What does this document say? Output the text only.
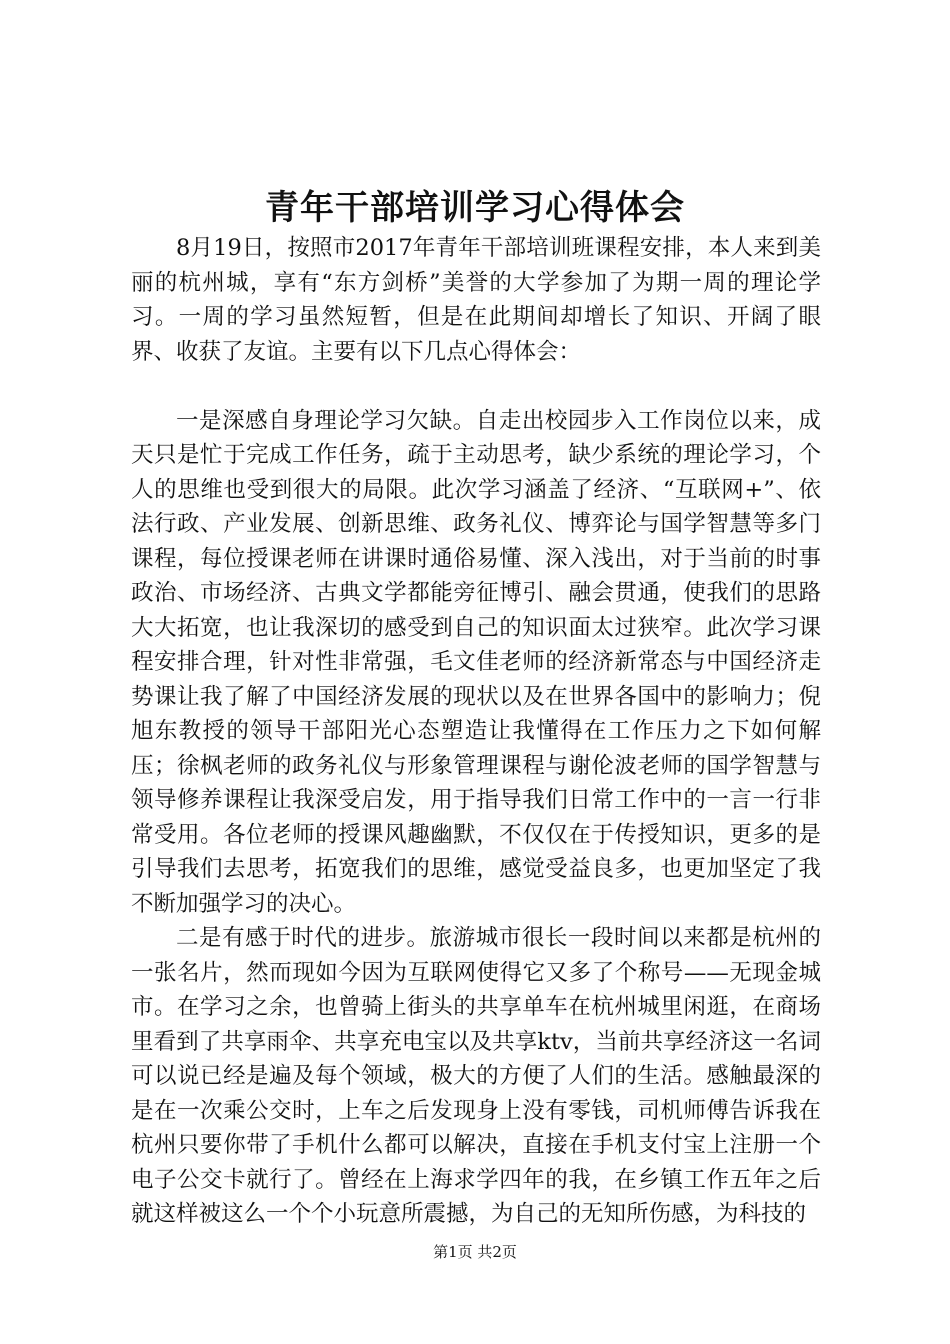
青年干部培训学习心得体会

8月19日，按照市2017年青年干部培训班课程安排，本人来到美丽的杭州城，享有“东方剑桥”美誉的大学参加了为期一周的理论学习。一周的学习虽然短暂，但是在此期间却增长了知识、开阔了眼界、收获了友谊。主要有以下几点心得体会：

一是深感自身理论学习欠缺。自走出校园步入工作岗位以来，成天只是忙于完成工作任务，疏于主动思考，缺少系统的理论学习，个人的思维也受到很大的局限。此次学习涵盖了经济、“互联网+”、依法行政、产业发展、创新思维、政务礼仪、博弈论与国学智慧等多门课程，每位授课老师在讲课时通俗易懂、深入浅出，对于当前的时事政治、市场经济、古典文学都能旁征博引、融会贯通，使我们的思路大大拓宽，也让我深切的感受到自己的知识面太过狭窄。此次学习课程安排合理，针对性非常强，毛文佳老师的经济新常态与中国经济走势课让我了解了中国经济发展的现状以及在世界各国中的影响力；倪旭东教授的领导干部阳光心态塑造让我懂得在工作压力之下如何解压；徐枫老师的政务礼仪与形象管理课程与谢伦波老师的国学智慧与领导修养课程让我深受启发，用于指导我们日常工作中的一言一行非常受用。各位老师的授课风趣幽默，不仅仅在于传授知识，更多的是引导我们去思考，拓宽我们的思维，感觉受益良多，也更加坚定了我不断加强学习的决心。

二是有感于时代的进步。旅游城市很长一段时间以来都是杭州的一张名片，然而现如今因为互联网使得它又多了个称号——无现金城市。在学习之余，也曾骑上街头的共享单车在杭州城里闲逛，在商场里看到了共享雨伞、共享充电宝以及共享ktv，当前共享经济这一名词可以说已经是遍及每个领域，极大的方便了人们的生活。感触最深的是在一次乘公交时，上车之后发现身上没有零钱，司机师傅告诉我在杭州只要你带了手机什么都可以解决，直接在手机支付宝上注册一个电子公交卡就行了。曾经在上海求学四年的我，在乡镇工作五年之后就这样被这么一个个小玩意所震撼，为自己的无知所伤感，为科技的

第1页 共2页
